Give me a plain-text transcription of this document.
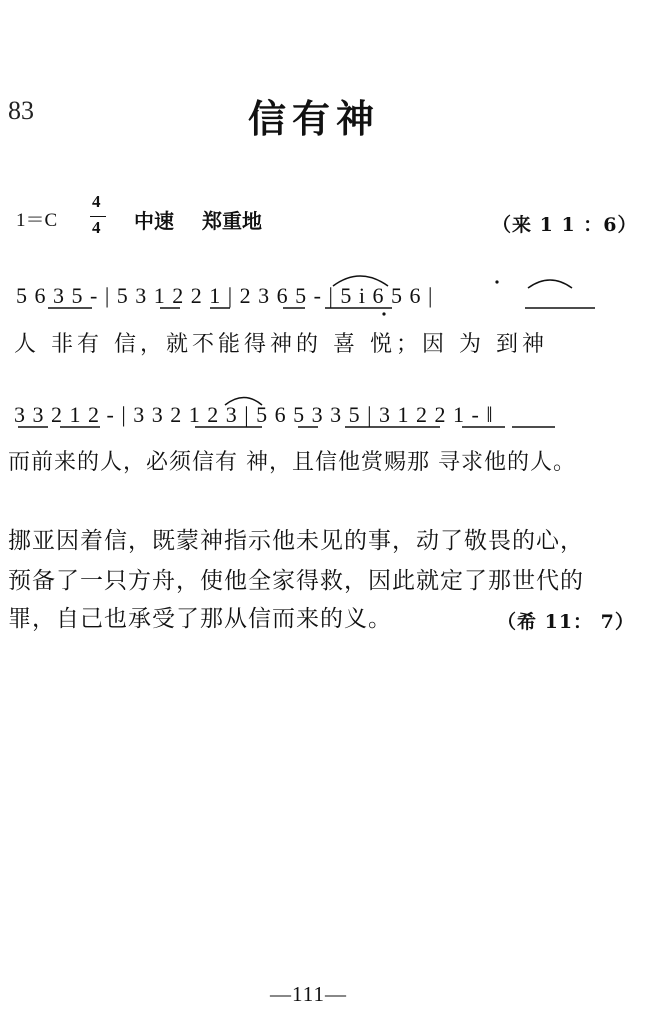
83	信有神
1＝C
4
4 中速 郑重地	（来 1 1 ：6）
5 6 3 5 - | 5 3 1 2 2 1 | 2 3 6 5 - | 5 i 6 5 6 |
人 非有 信，就不能得神的 喜 悦；因 为 到神
3 3 2 1 2 - | 3 3 2 1 2 3 | 5 6 5 3 3 5 | 3 1 2 2 1 - ‖
而前来的人，必须信有 神，且信他赏赐那 寻求他的人。
挪亚因着信，既蒙神指示他未见的事，动了敬畏的心，
预备了一只方舟，使他全家得救，因此就定了那世代的
罪，自己也承受了那从信而来的义。	（希 11： 7）
—111—
